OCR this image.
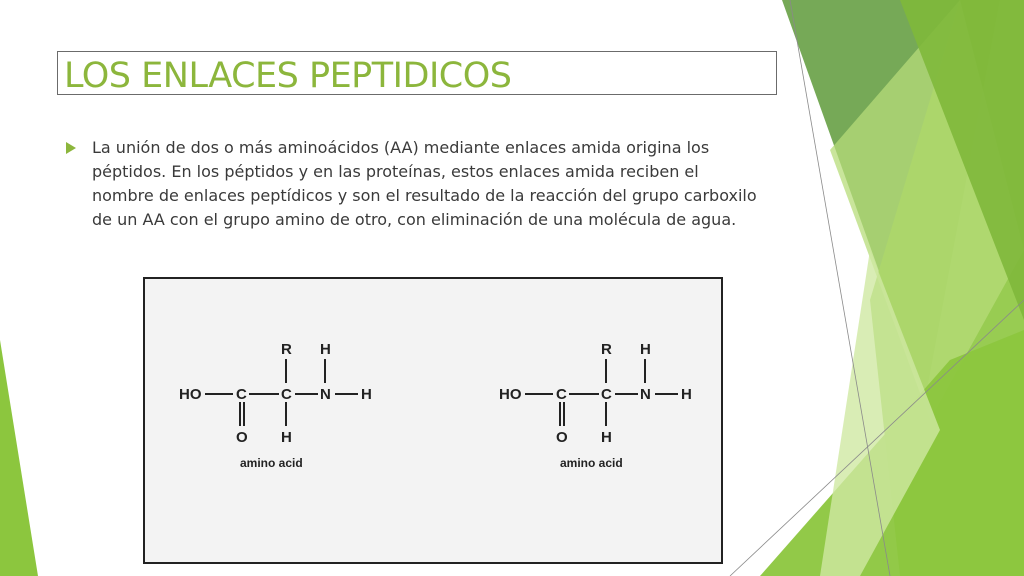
LOS ENLACES PEPTIDICOS
La unión de dos o más aminoácidos (AA) mediante enlaces amida origina los péptidos. En los péptidos y en las proteínas, estos enlaces amida reciben el nombre de enlaces peptídicos y son el resultado de la reacción del grupo carboxilo de un AA con el grupo amino de otro, con eliminación de una molécula de agua.
HO C
O
C
R
H
N
H
H
amino acid
HO C
O
C
R
H
N
H
H
amino acid
